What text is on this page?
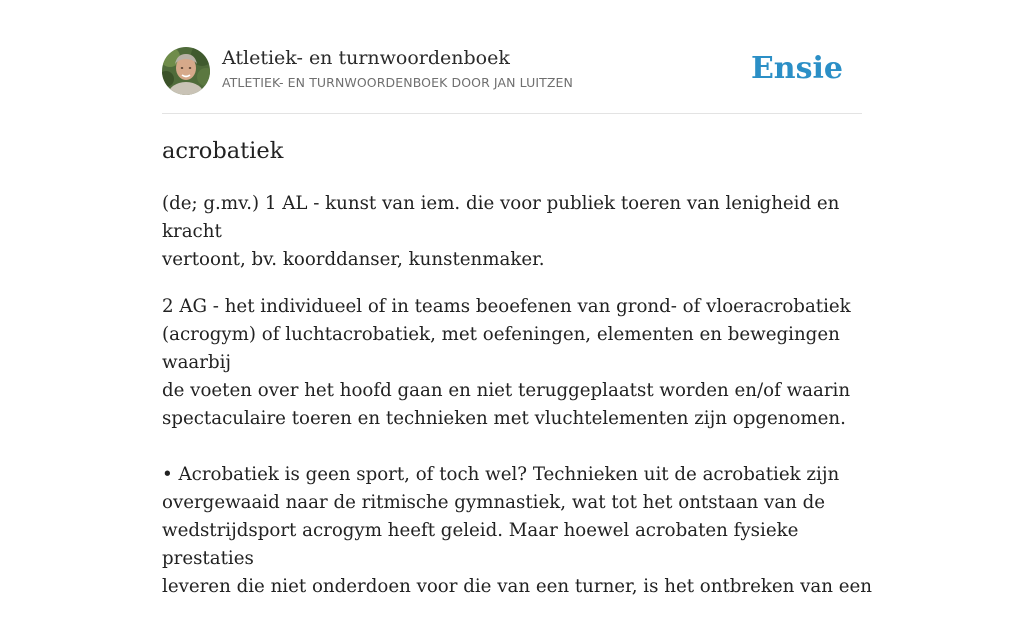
Atletiek- en turnwoordenboek
ATLETIEK- EN TURNWOORDENBOEK DOOR JAN LUITZEN	Ensie
acrobatiek

(de; g.mv.) 1 AL - kunst van iem. die voor publiek toeren van lenigheid en kracht
vertoont, bv. koorddanser, kunstenmaker.

2 AG - het individueel of in teams beoefenen van grond- of vloeracrobatiek
(acrogym) of luchtacrobatiek, met oefeningen, elementen en bewegingen waarbij
de voeten over het hoofd gaan en niet teruggeplaatst worden en/of waarin
spectaculaire toeren en technieken met vluchtelementen zijn opgenomen.

• Acrobatiek is geen sport, of toch wel? Technieken uit de acrobatiek zijn
overgewaaid naar de ritmische gymnastiek, wat tot het ontstaan van de
wedstrijdsport acrogym heeft geleid. Maar hoewel acrobaten fysieke prestaties
leveren die niet onderdoen voor die van een turner, is het ontbreken van een
